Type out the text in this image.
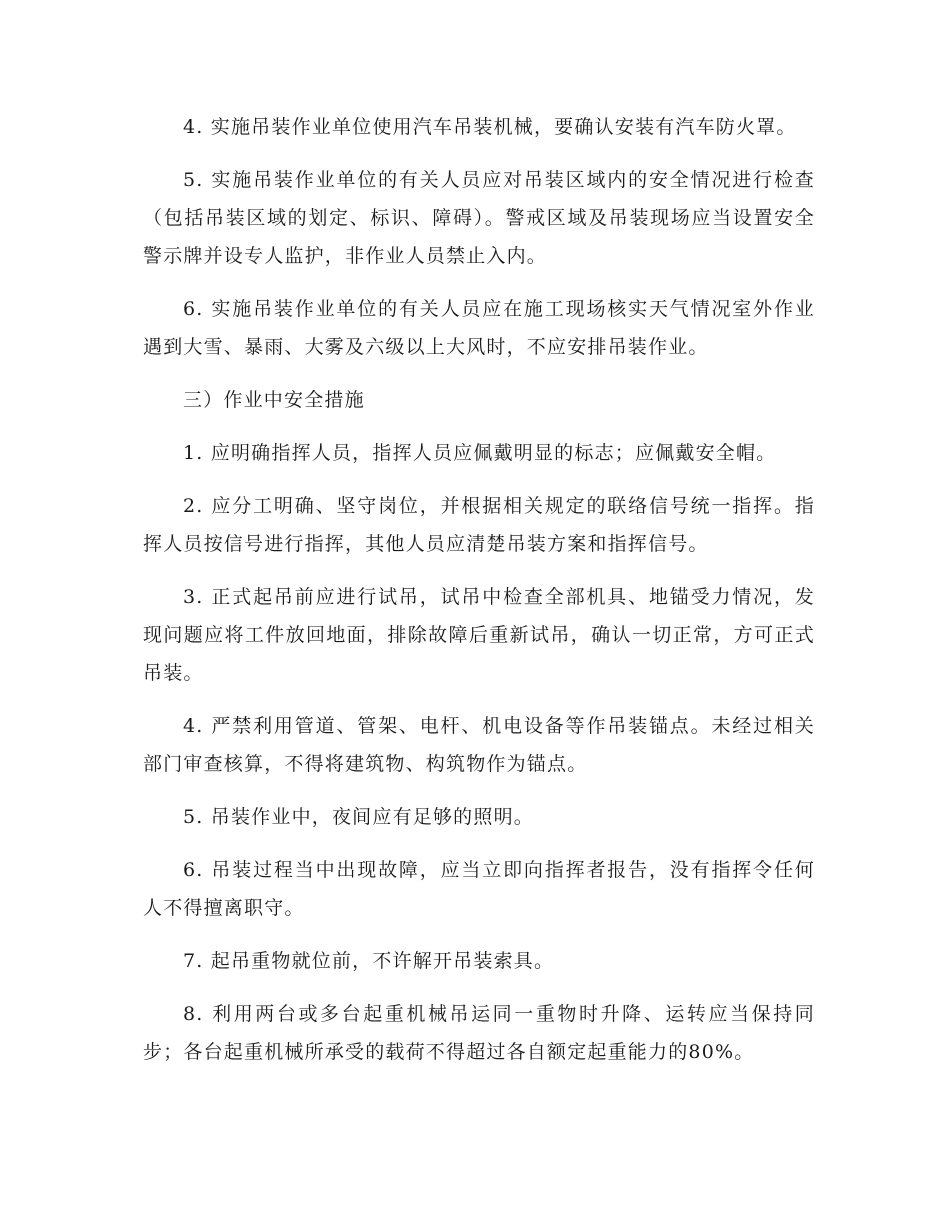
4. 实施吊装作业单位使用汽车吊装机械，要确认安装有汽车防火罩。

5. 实施吊装作业单位的有关人员应对吊装区域内的安全情况进行检查（包括吊装区域的划定、标识、障碍）。警戒区域及吊装现场应当设置安全警示牌并设专人监护，非作业人员禁止入内。

6. 实施吊装作业单位的有关人员应在施工现场核实天气情况室外作业遇到大雪、暴雨、大雾及六级以上大风时，不应安排吊装作业。

三）作业中安全措施

1. 应明确指挥人员，指挥人员应佩戴明显的标志；应佩戴安全帽。

2. 应分工明确、坚守岗位，并根据相关规定的联络信号统一指挥。指挥人员按信号进行指挥，其他人员应清楚吊装方案和指挥信号。

3. 正式起吊前应进行试吊，试吊中检查全部机具、地锚受力情况，发现问题应将工件放回地面，排除故障后重新试吊，确认一切正常，方可正式吊装。

4. 严禁利用管道、管架、电杆、机电设备等作吊装锚点。未经过相关部门审查核算，不得将建筑物、构筑物作为锚点。

5. 吊装作业中，夜间应有足够的照明。

6. 吊装过程当中出现故障，应当立即向指挥者报告，没有指挥令任何人不得擅离职守。

7. 起吊重物就位前，不许解开吊装索具。

8. 利用两台或多台起重机械吊运同一重物时升降、运转应当保持同步；各台起重机械所承受的载荷不得超过各自额定起重能力的80%。
